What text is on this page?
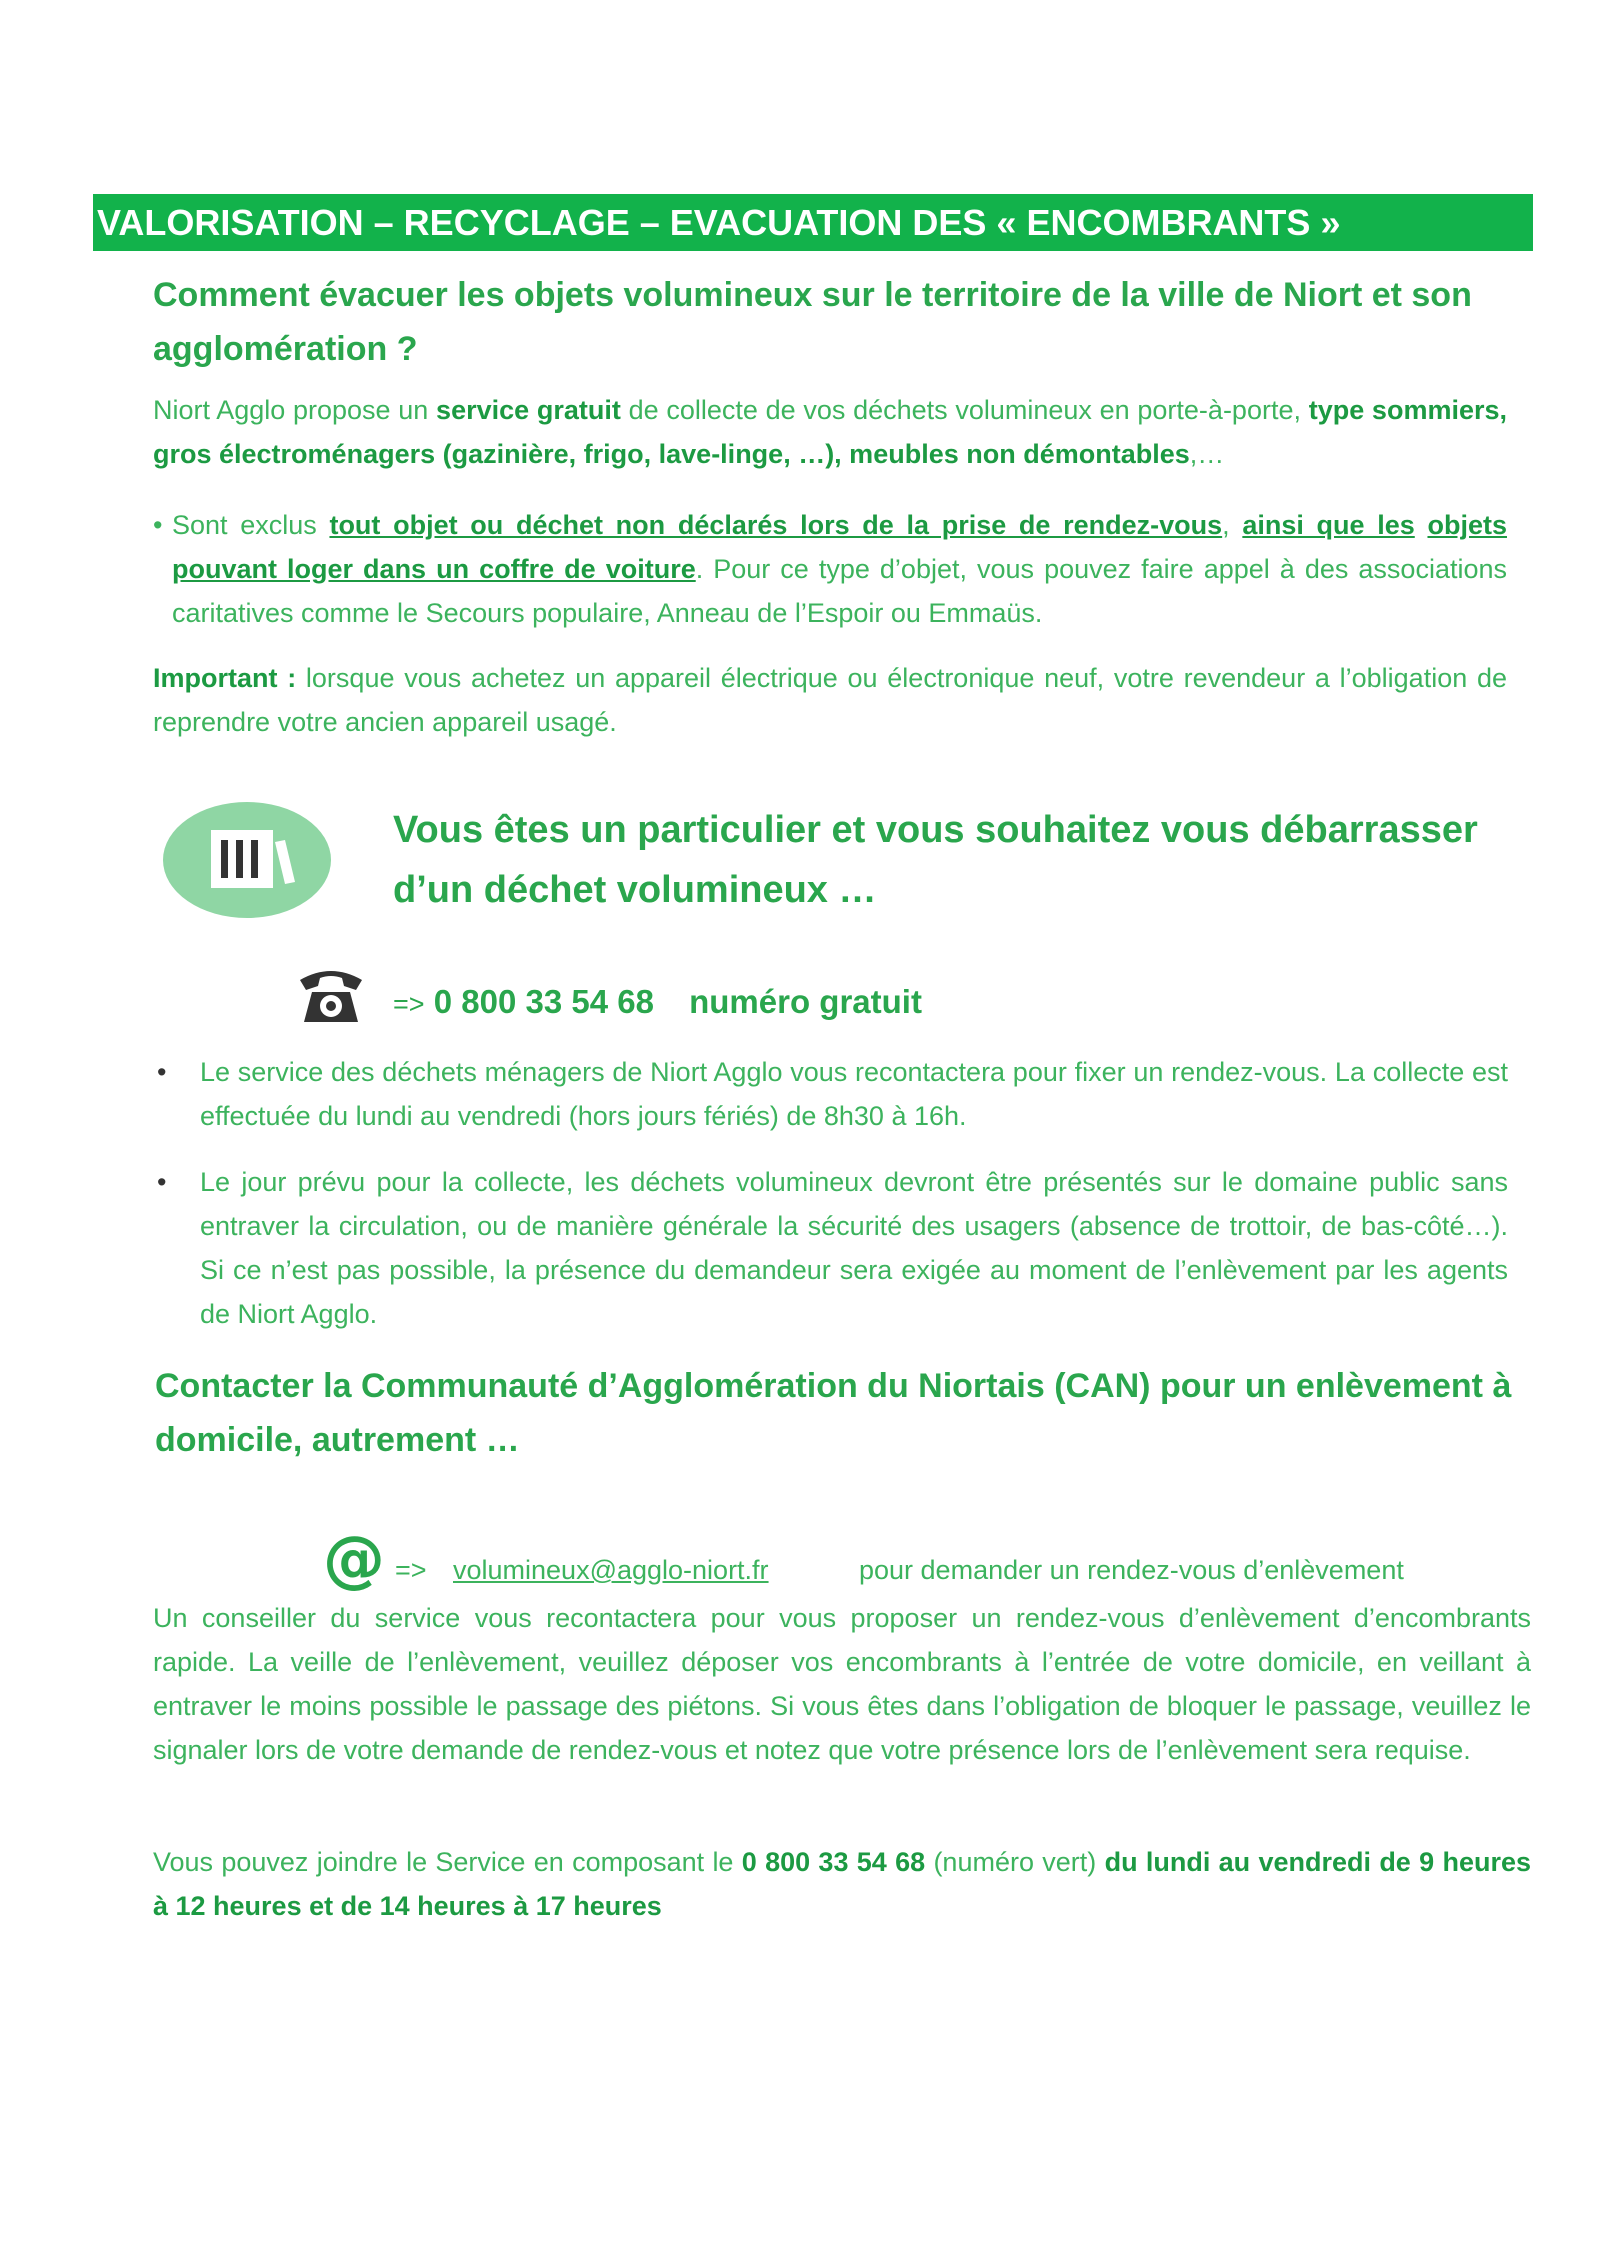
VALORISATION – RECYCLAGE – EVACUATION DES « ENCOMBRANTS »
Comment évacuer les objets volumineux sur le territoire de la ville de Niort et son agglomération ?
Niort Agglo propose un service gratuit de collecte de vos déchets volumineux en porte-à-porte, type sommiers, gros électroménagers (gazinière, frigo, lave-linge, …), meubles non démontables,…
• Sont exclus tout objet ou déchet non déclarés lors de la prise de rendez-vous, ainsi que les objets pouvant loger dans un coffre de voiture. Pour ce type d’objet, vous pouvez faire appel à des associations caritatives comme le Secours populaire, Anneau de l’Espoir ou Emmaüs.
Important : lorsque vous achetez un appareil électrique ou électronique neuf, votre revendeur a l’obligation de reprendre votre ancien appareil usagé.
Vous êtes un particulier et vous souhaitez vous débarrasser d’un déchet volumineux …
=> 0 800 33 54 68 numéro gratuit
• Le service des déchets ménagers de Niort Agglo vous recontactera pour fixer un rendez-vous. La collecte est effectuée du lundi au vendredi (hors jours fériés) de 8h30 à 16h.
• Le jour prévu pour la collecte, les déchets volumineux devront être présentés sur le domaine public sans entraver la circulation, ou de manière générale la sécurité des usagers (absence de trottoir, de bas-côté…). Si ce n’est pas possible, la présence du demandeur sera exigée au moment de l’enlèvement par les agents de Niort Agglo.
Contacter la Communauté d’Agglomération du Niortais (CAN) pour un enlèvement à domicile, autrement …
@ => volumineux@agglo-niort.fr	pour demander un rendez-vous d’enlèvement
Un conseiller du service vous recontactera pour vous proposer un rendez-vous d’enlèvement d’encombrants rapide. La veille de l’enlèvement, veuillez déposer vos encombrants à l’entrée de votre domicile, en veillant à entraver le moins possible le passage des piétons. Si vous êtes dans l’obligation de bloquer le passage, veuillez le signaler lors de votre demande de rendez-vous et notez que votre présence lors de l’enlèvement sera requise.
Vous pouvez joindre le Service en composant le 0 800 33 54 68 (numéro vert) du lundi au vendredi de 9 heures à 12 heures et de 14 heures à 17 heures
